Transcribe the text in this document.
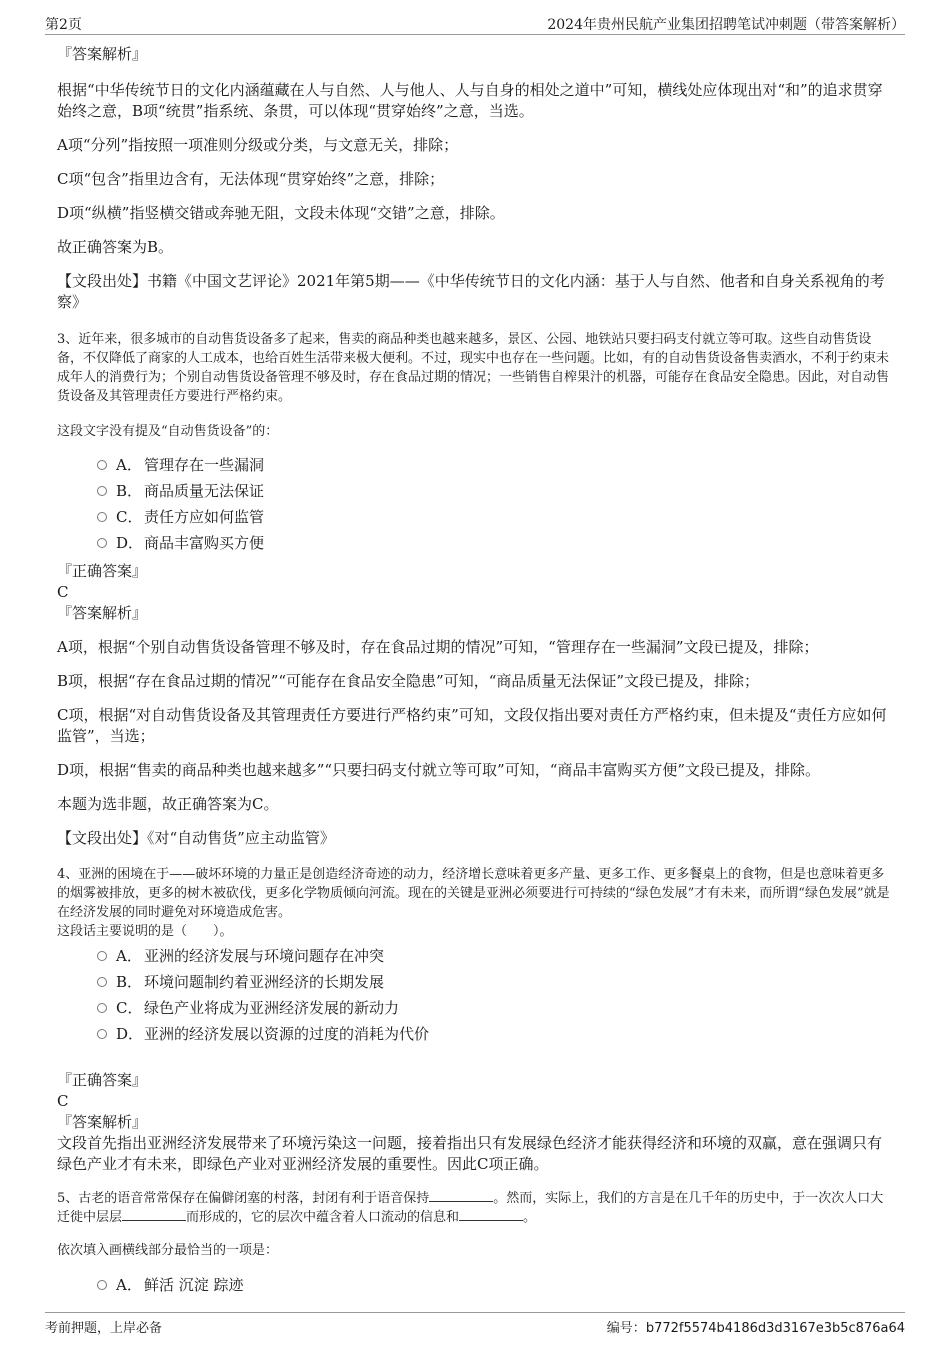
第2页	2024年贵州民航产业集团招聘笔试冲刺题（带答案解析）

『答案解析』

根据“中华传统节日的文化内涵蕴藏在人与自然、人与他人、人与自身的相处之道中”可知，横线处应体现出对“和”的追求贯穿始终之意，B项“统贯”指系统、条贯，可以体现“贯穿始终”之意，当选。

A项“分列”指按照一项准则分级或分类，与文意无关，排除；

C项“包含”指里边含有，无法体现“贯穿始终”之意，排除；

D项“纵横”指竖横交错或奔驰无阻，文段未体现“交错”之意，排除。

故正确答案为B。

【文段出处】书籍《中国文艺评论》2021年第5期——《中华传统节日的文化内涵：基于人与自然、他者和自身关系视角的考察》

3、近年来，很多城市的自动售货设备多了起来，售卖的商品种类也越来越多，景区、公园、地铁站只要扫码支付就立等可取。这些自动售货设备，不仅降低了商家的人工成本，也给百姓生活带来极大便利。不过，现实中也存在一些问题。比如，有的自动售货设备售卖酒水，不利于约束未成年人的消费行为；个别自动售货设备管理不够及时，存在食品过期的情况；一些销售自榨果汁的机器，可能存在食品安全隐患。因此，对自动售货设备及其管理责任方要进行严格约束。

这段文字没有提及“自动售货设备”的：

A． 管理存在一些漏洞
B． 商品质量无法保证
C． 责任方应如何监管
D．商品丰富购买方便

『正确答案』

C

『答案解析』

A项，根据“个别自动售货设备管理不够及时，存在食品过期的情况”可知，“管理存在一些漏洞”文段已提及，排除；

B项，根据“存在食品过期的情况”“可能存在食品安全隐患”可知，“商品质量无法保证”文段已提及，排除；

C项，根据“对自动售货设备及其管理责任方要进行严格约束”可知，文段仅指出要对责任方严格约束，但未提及“责任方应如何监管”，当选；

D项，根据“售卖的商品种类也越来越多”“只要扫码支付就立等可取”可知，“商品丰富购买方便”文段已提及，排除。

本题为选非题，故正确答案为C。

【文段出处】《对“自动售货”应主动监管》

4、亚洲的困境在于——破坏环境的力量正是创造经济奇迹的动力，经济增长意味着更多产量、更多工作、更多餐桌上的食物，但是也意味着更多的烟雾被排放，更多的树木被砍伐，更多化学物质倾向河流。现在的关键是亚洲必须要进行可持续的“绿色发展”才有未来，而所谓“绿色发展”就是在经济发展的同时避免对环境造成危害。

这段话主要说明的是（　　）。

A． 亚洲的经济发展与环境问题存在冲突
B． 环境问题制约着亚洲经济的长期发展
C． 绿色产业将成为亚洲经济发展的新动力
D．亚洲的经济发展以资源的过度的消耗为代价

『正确答案』

C

『答案解析』

文段首先指出亚洲经济发展带来了环境污染这一问题，接着指出只有发展绿色经济才能获得经济和环境的双赢，意在强调只有绿色产业才有未来，即绿色产业对亚洲经济发展的重要性。因此C项正确。

5、古老的语音常常保存在偏僻闭塞的村落，封闭有利于语音保持	。然而，实际上，我们的方言是在几千年的历史中，于一次次人口大迁徙中层层	而形成的，它的层次中蕴含着人口流动的信息和	。

依次填入画横线部分最恰当的一项是：

A． 鲜活 沉淀 踪迹
考前押题，上岸必备	编号：b772f5574b4186d3d3167e3b5c876a64
